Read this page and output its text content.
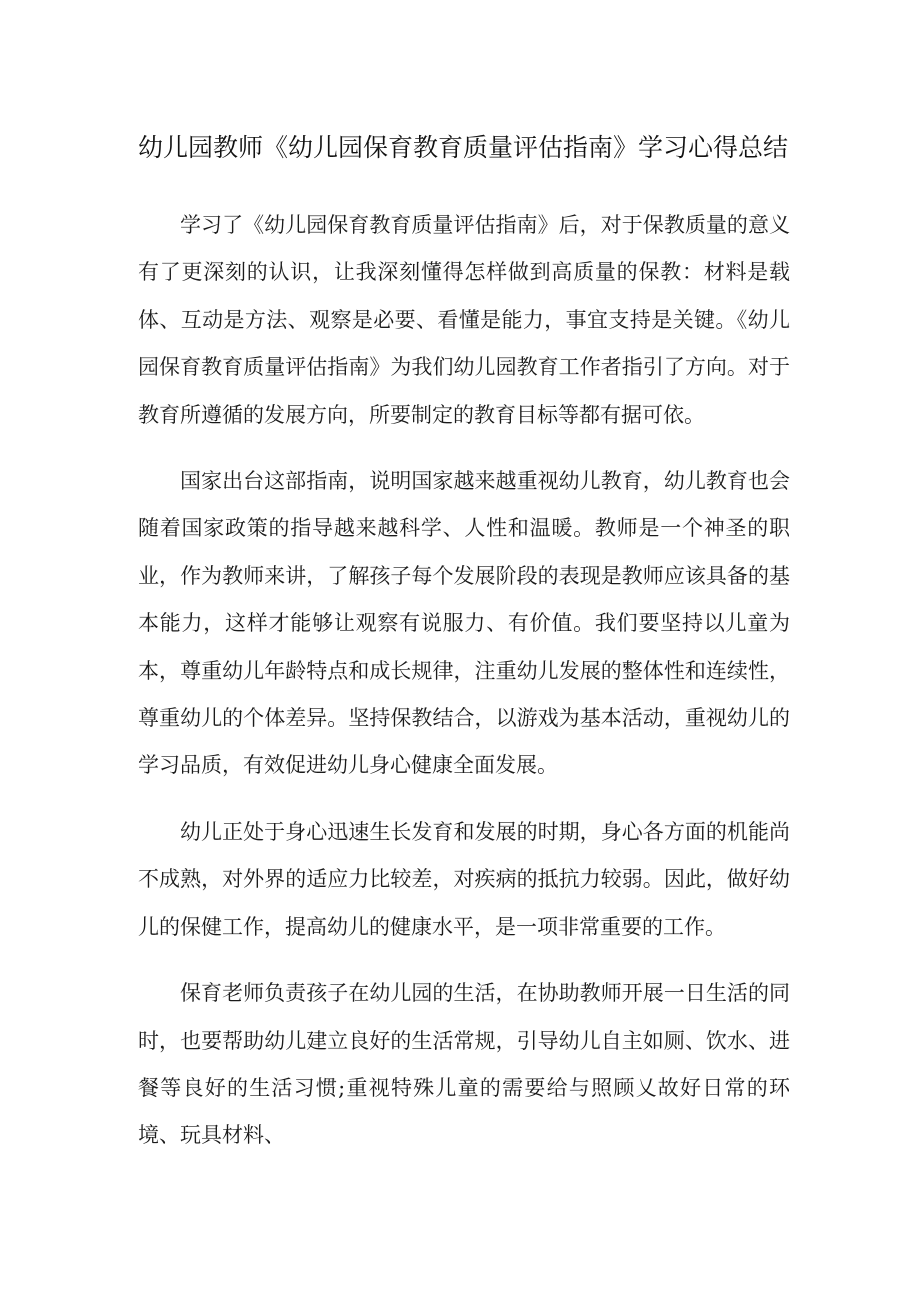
幼儿园教师《幼儿园保育教育质量评估指南》学习心得总结

学习了《幼儿园保育教育质量评估指南》后，对于保教质量的意义有了更深刻的认识，让我深刻懂得怎样做到高质量的保教：材料是载体、互动是方法、观察是必要、看懂是能力，事宜支持是关键。《幼儿园保育教育质量评估指南》为我们幼儿园教育工作者指引了方向。对于教育所遵循的发展方向，所要制定的教育目标等都有据可依。

国家出台这部指南，说明国家越来越重视幼儿教育，幼儿教育也会随着国家政策的指导越来越科学、人性和温暖。教师是一个神圣的职业，作为教师来讲，了解孩子每个发展阶段的表现是教师应该具备的基本能力，这样才能够让观察有说服力、有价值。我们要坚持以儿童为本，尊重幼儿年龄特点和成长规律，注重幼儿发展的整体性和连续性，尊重幼儿的个体差异。坚持保教结合，以游戏为基本活动，重视幼儿的学习品质，有效促进幼儿身心健康全面发展。

幼儿正处于身心迅速生长发育和发展的时期，身心各方面的机能尚不成熟，对外界的适应力比较差，对疾病的抵抗力较弱。因此，做好幼儿的保健工作，提高幼儿的健康水平，是一项非常重要的工作。

保育老师负责孩子在幼儿园的生活，在协助教师开展一日生活的同时，也要帮助幼儿建立良好的生活常规，引导幼儿自主如厕、饮水、进餐等良好的生活习惯;重视特殊儿童的需要给与照顾乂故好日常的环境、玩具材料、
